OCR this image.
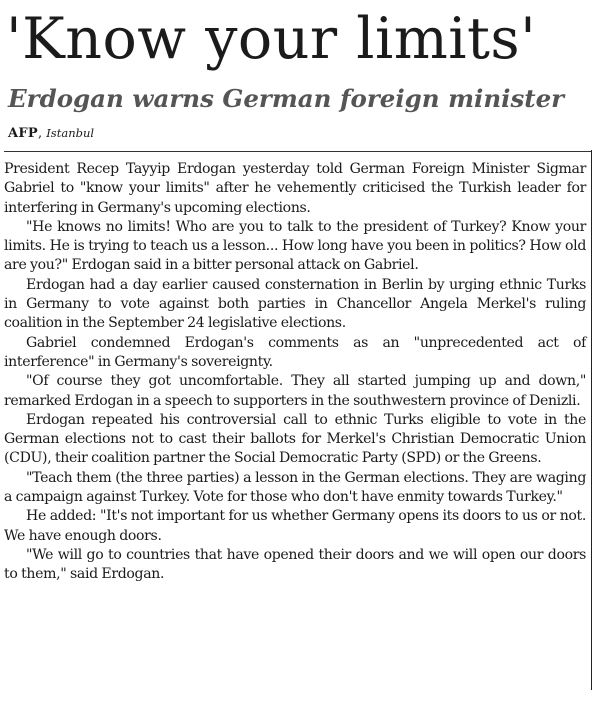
'Know your limits'
Erdogan warns German foreign minister
AFP, Istanbul

President Recep Tayyip Erdogan yesterday told German Foreign Minister Sigmar Gabriel to "know your limits" after he vehemently criticised the Turkish leader for interfering in Germany's upcoming elections.

"He knows no limits! Who are you to talk to the president of Turkey? Know your limits. He is trying to teach us a lesson... How long have you been in politics? How old are you?" Erdogan said in a bitter personal attack on Gabriel.

Erdogan had a day earlier caused consternation in Berlin by urging ethnic Turks in Germany to vote against both parties in Chancellor Angela Merkel's ruling coalition in the September 24 legislative elections.

Gabriel condemned Erdogan's comments as an "unprecedented act of interference" in Germany's sovereignty.

"Of course they got uncomfortable. They all started jumping up and down," remarked Erdogan in a speech to supporters in the southwestern province of Denizli.

Erdogan repeated his controversial call to ethnic Turks eligible to vote in the German elections not to cast their ballots for Merkel's Christian Democratic Union (CDU), their coalition partner the Social Democratic Party (SPD) or the Greens.

"Teach them (the three parties) a lesson in the German elections. They are waging a campaign against Turkey. Vote for those who don't have enmity towards Turkey."

He added: "It's not important for us whether Germany opens its doors to us or not. We have enough doors.

"We will go to countries that have opened their doors and we will open our doors to them," said Erdogan.
